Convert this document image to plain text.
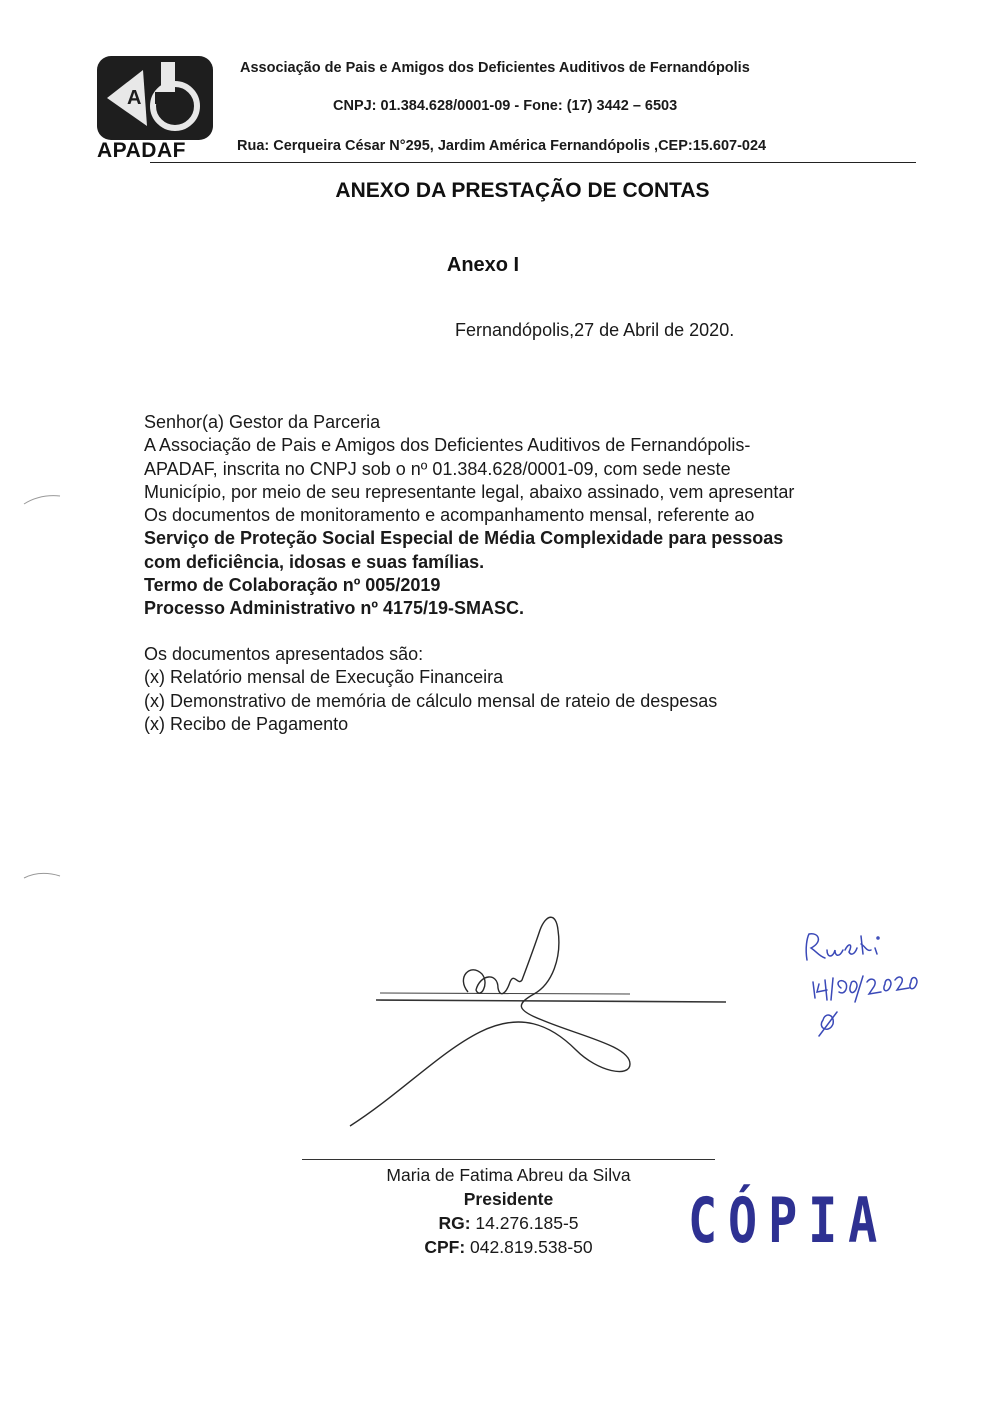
A
APADAF
Associação de Pais e Amigos dos Deficientes Auditivos de Fernandópolis
CNPJ: 01.384.628/0001-09 - Fone: (17) 3442 – 6503
Rua: Cerqueira César N°295, Jardim América Fernandópolis ,CEP:15.607-024
ANEXO DA PRESTAÇÃO DE CONTAS
Anexo I
Fernandópolis,27 de Abril de 2020.

Senhor(a) Gestor da Parceria

A Associação de Pais e Amigos dos Deficientes Auditivos de Fernandópolis-

APADAF, inscrita no CNPJ sob o nº 01.384.628/0001-09, com sede neste

Município, por meio de seu representante legal, abaixo assinado, vem apresentar

Os documentos de monitoramento e acompanhamento mensal, referente ao

Serviço de Proteção Social Especial de Média Complexidade para pessoas

com deficiência, idosas e suas famílias.

Termo de Colaboração nº 005/2019

Processo Administrativo nº 4175/19-SMASC.

Os documentos apresentados são:

(x) Relatório mensal de Execução Financeira

(x) Demonstrativo de memória de cálculo mensal de rateio de despesas

(x) Recibo de Pagamento

Maria de Fatima Abreu da Silva

Presidente

RG: 14.276.185-5

CPF: 042.819.538-50	CÓPIA
